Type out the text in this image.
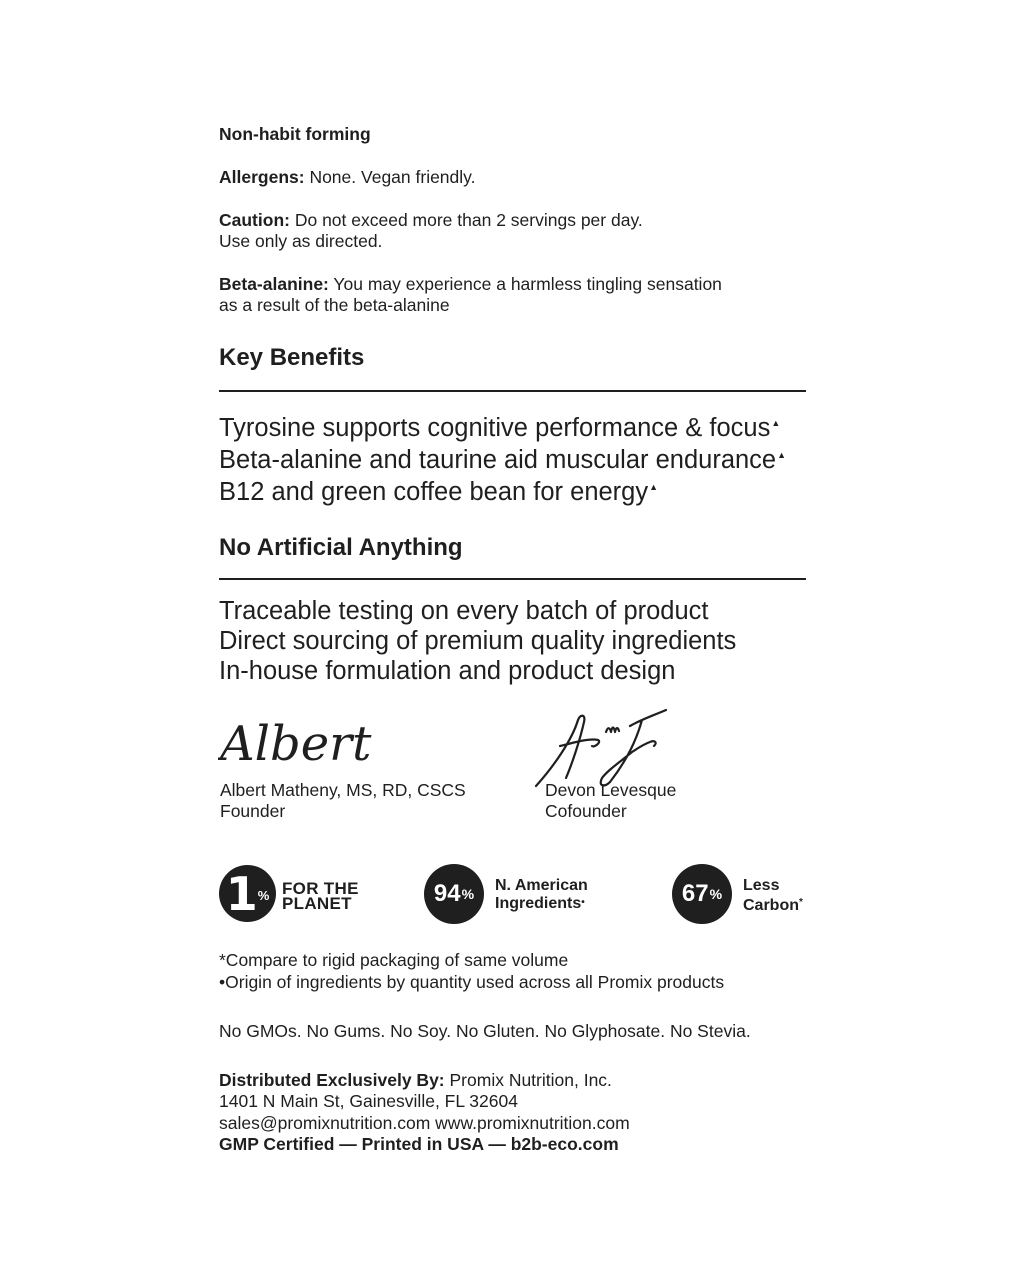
Non-habit forming
Allergens: None. Vegan friendly.
Caution: Do not exceed more than 2 servings per day.
Use only as directed.
Beta-alanine: You may experience a harmless tingling sensation
as a result of the beta-alanine
Key Benefits
Tyrosine supports cognitive performance & focus▲
Beta-alanine and taurine aid muscular endurance▲
B12 and green coffee bean for energy▲
No Artificial Anything
Traceable testing on every batch of product
Direct sourcing of premium quality ingredients
In-house formulation and product design
Albert
Albert Matheny, MS, RD, CSCS
Founder
Devon Levesque
Cofounder
1 % FOR THE
PLANET	94 % N. American
Ingredients•	67 % Less
Carbon*
*Compare to rigid packaging of same volume
•Origin of ingredients by quantity used across all Promix products
No GMOs. No Gums. No Soy. No Gluten. No Glyphosate. No Stevia.
Distributed Exclusively By: Promix Nutrition, Inc.
1401 N Main St, Gainesville, FL 32604
sales@promixnutrition.com www.promixnutrition.com
GMP Certified — Printed in USA — b2b-eco.com
